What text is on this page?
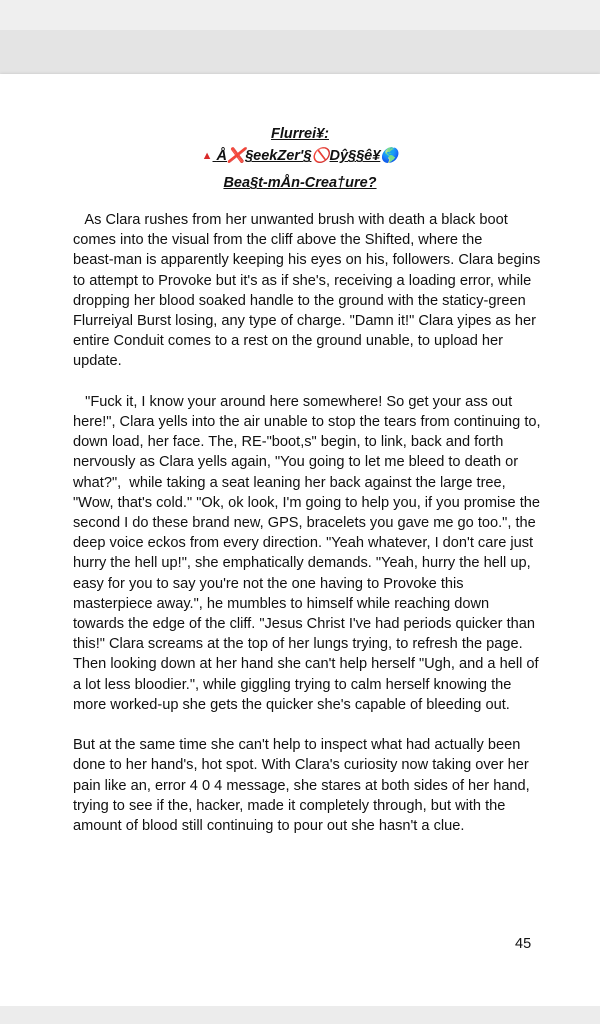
Flurrei¥:
▲ Å❌§eekZer'§🚫Dŷ§§ê¥🌎
Bea§t-mÅn-Crea†ure?

As Clara rushes from her unwanted brush with death a black boot
comes into the visual from the cliff above the Shifted, where the
beast-man is apparently keeping his eyes on his, followers. Clara begins
to attempt to Provoke but it's as if she's, receiving a loading error, while
dropping her blood soaked handle to the ground with the staticy-green
Flurreiyal Burst losing, any type of charge. "Damn it!" Clara yipes as her
entire Conduit comes to a rest on the ground unable, to upload her
update.

"Fuck it, I know your around here somewhere! So get your ass out
here!", Clara yells into the air unable to stop the tears from continuing to,
down load, her face. The, RE-"boot,s" begin, to link, back and forth
nervously as Clara yells again, "You going to let me bleed to death or
what?",  while taking a seat leaning her back against the large tree,
"Wow, that's cold." "Ok, ok look, I'm going to help you, if you promise the
second I do these brand new, GPS, bracelets you gave me go too.", the
deep voice eckos from every direction. "Yeah whatever, I don't care just
hurry the hell up!", she emphatically demands. "Yeah, hurry the hell up,
easy for you to say you're not the one having to Provoke this
masterpiece away.", he mumbles to himself while reaching down
towards the edge of the cliff. "Jesus Christ I've had periods quicker than
this!" Clara screams at the top of her lungs trying, to refresh the page.
Then looking down at her hand she can't help herself "Ugh, and a hell of
a lot less bloodier.", while giggling trying to calm herself knowing the
more worked-up she gets the quicker she's capable of bleeding out.

But at the same time she can't help to inspect what had actually been
done to her hand's, hot spot. With Clara's curiosity now taking over her
pain like an, error 4 0 4 message, she stares at both sides of her hand,
trying to see if the, hacker, made it completely through, but with the
amount of blood still continuing to pour out she hasn't a clue.

45
